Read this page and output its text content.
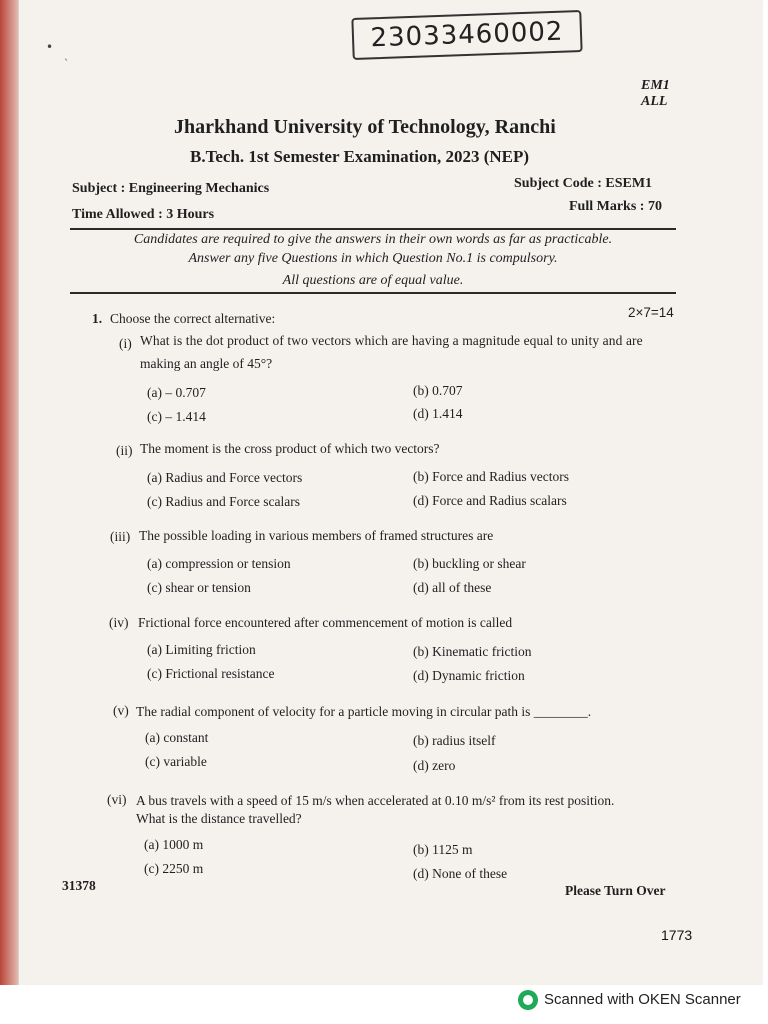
•
ˎ
23033460002
EM1
ALL
Jharkhand University of Technology, Ranchi
B.Tech. 1st Semester Examination, 2023 (NEP)
Subject : Engineering Mechanics	Subject Code : ESEM1
Time Allowed : 3 Hours
Full Marks : 70
Candidates are required to give the answers in their own words as far as practicable.
Answer any five Questions in which Question No.1 is compulsory.
All questions are of equal value.
1. Choose the correct alternative:	2×7=14
(i) What is the dot product of two vectors which are having a magnitude equal to unity and are
making an angle of 45°?
(a) – 0.707	(b) 0.707
(c) – 1.414	(d) 1.414
(ii) The moment is the cross product of which two vectors?
(a) Radius and Force vectors	(b) Force and Radius vectors
(c) Radius and Force scalars	(d) Force and Radius scalars
(iii) The possible loading in various members of framed structures are
(a) compression or tension	(b) buckling or shear
(c) shear or tension	(d) all of these
(iv) Frictional force encountered after commencement of motion is called
(a) Limiting friction	(b) Kinematic friction
(c) Frictional resistance	(d) Dynamic friction
(v) The radial component of velocity for a particle moving in circular path is ________.
(a) constant	(b) radius itself
(c) variable	(d) zero
(vi) A bus travels with a speed of 15 m/s when accelerated at 0.10 m/s² from its rest position.
What is the distance travelled?
(a) 1000 m	(b) 1125 m
(c) 2250 m	(d) None of these
31378	Please Turn Over
1773
Scanned with OKEN Scanner
